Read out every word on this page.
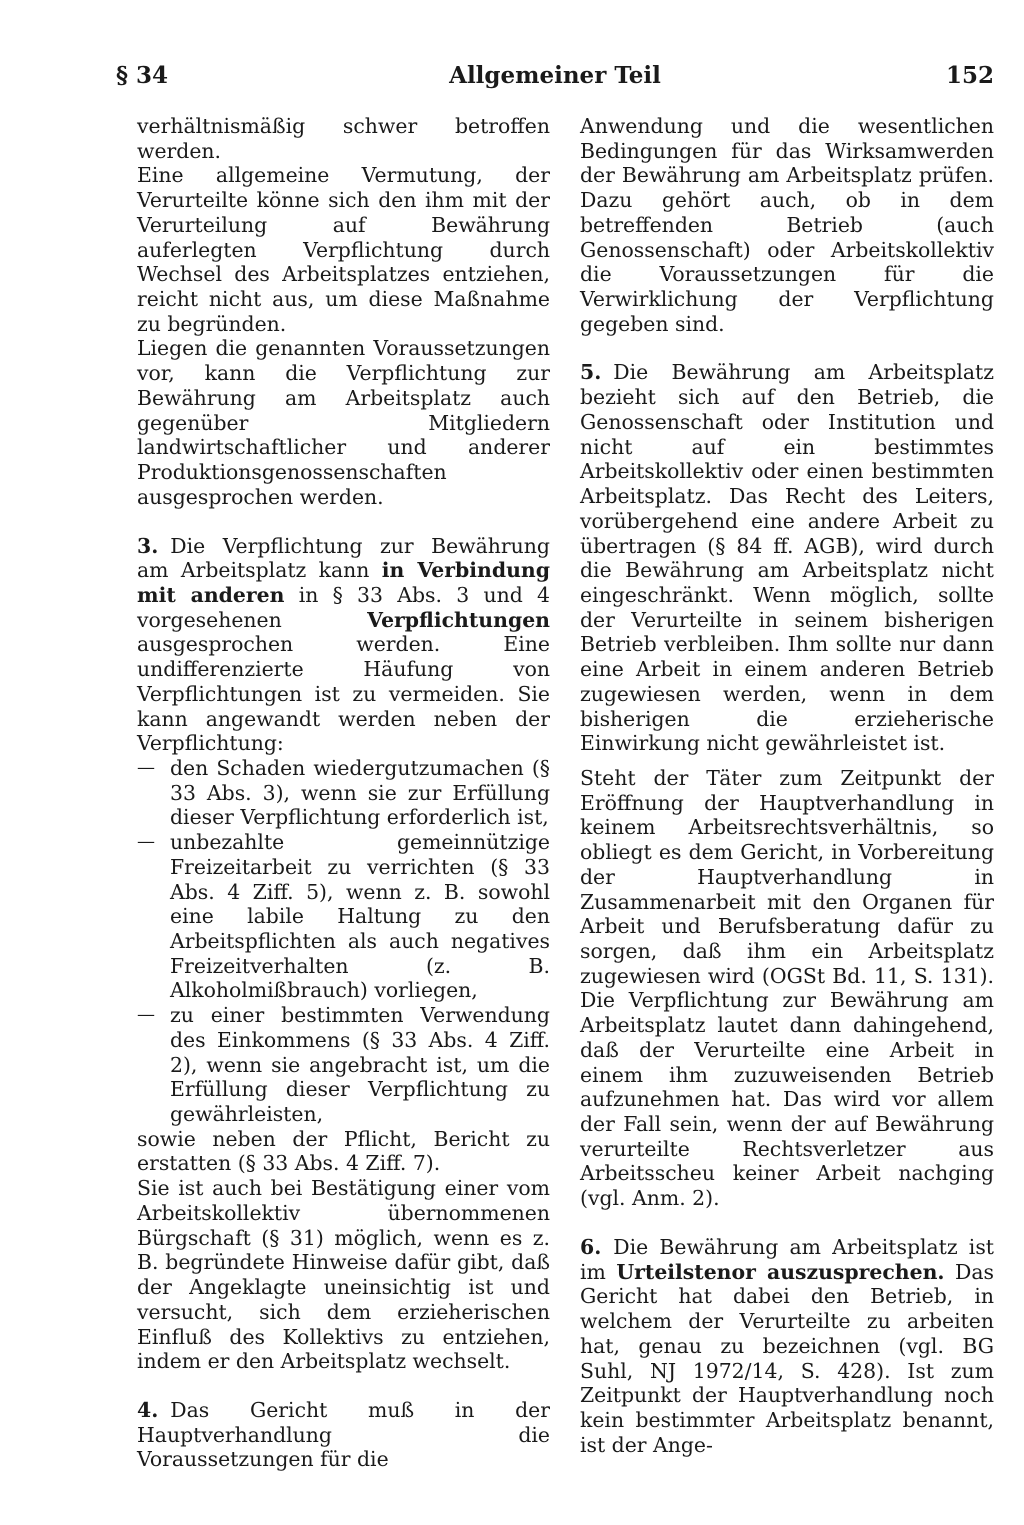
§ 34	Allgemeiner Teil	152

verhältnismäßig schwer betroffen werden.

Eine allgemeine Vermutung, der Verurteilte könne sich den ihm mit der Verurteilung auf Bewährung auferlegten Verpflichtung durch Wechsel des Arbeitsplatzes entziehen, reicht nicht aus, um diese Maßnahme zu begründen.

Liegen die genannten Voraussetzungen vor, kann die Verpflichtung zur Bewährung am Arbeitsplatz auch gegenüber Mitgliedern landwirtschaftlicher und anderer Produktionsgenossenschaften ausgesprochen werden.

3. Die Verpflichtung zur Bewährung am Arbeitsplatz kann in Verbindung mit anderen in § 33 Abs. 3 und 4 vorgesehenen	Verpflichtungen ausgesprochen werden. Eine undifferenzierte Häufung von Verpflichtungen ist zu vermeiden. Sie kann angewandt werden neben der Verpflichtung:

— den Schaden wiedergutzumachen (§ 33 Abs. 3), wenn sie zur Erfüllung dieser Verpflichtung erforderlich ist,
— unbezahlte gemeinnützige Freizeitarbeit zu verrichten (§ 33 Abs. 4 Ziff. 5), wenn z. B. sowohl eine labile Haltung zu den Arbeitspflichten als auch negatives Freizeitverhalten (z. B. Alkoholmißbrauch) vorliegen,
— zu einer bestimmten Verwendung des Einkommens (§ 33 Abs. 4 Ziff. 2), wenn sie angebracht ist, um die Erfüllung dieser Verpflichtung zu gewährleisten,

sowie neben der Pflicht, Bericht zu erstatten (§ 33 Abs. 4 Ziff. 7).

Sie ist auch bei Bestätigung einer vom Arbeitskollektiv übernommenen Bürgschaft (§ 31) möglich, wenn es z. B. begründete Hinweise dafür gibt, daß der Angeklagte uneinsichtig ist und versucht, sich dem erzieherischen Einfluß des Kollektivs zu entziehen, indem er den Arbeitsplatz wechselt.

4. Das Gericht muß in der Hauptverhandlung die Voraussetzungen für die

Anwendung und die wesentlichen Bedingungen für das Wirksamwerden der Bewährung am Arbeitsplatz prüfen. Dazu gehört auch, ob in dem betreffenden Betrieb (auch Genossenschaft) oder Arbeitskollektiv die Voraussetzungen für die Verwirklichung der Verpflichtung gegeben sind.

5. Die Bewährung am Arbeitsplatz bezieht sich auf den Betrieb, die Genossenschaft oder Institution und nicht auf ein bestimmtes Arbeitskollektiv oder einen bestimmten Arbeitsplatz. Das Recht des Leiters, vorübergehend eine andere Arbeit zu übertragen (§ 84 ff. AGB), wird durch die Bewährung am Arbeitsplatz nicht eingeschränkt. Wenn möglich, sollte der Verurteilte in seinem bisherigen Betrieb verbleiben. Ihm sollte nur dann eine Arbeit in einem anderen Betrieb zugewiesen werden, wenn in dem bisherigen die erzieherische Einwirkung nicht gewährleistet ist.

Steht der Täter zum Zeitpunkt der Eröffnung der Hauptverhandlung in keinem Arbeitsrechtsverhältnis, so obliegt es dem Gericht, in Vorbereitung der Hauptverhandlung in Zusammenarbeit mit den Organen für Arbeit und Berufsberatung dafür zu sorgen, daß ihm ein Arbeitsplatz zugewiesen wird (OGSt Bd. 11, S. 131). Die Verpflichtung zur Bewährung am Arbeitsplatz lautet dann dahingehend, daß der Verurteilte eine Arbeit in einem ihm zuzuweisenden Betrieb aufzunehmen hat. Das wird vor allem der Fall sein, wenn der auf Bewährung verurteilte Rechtsverletzer aus Arbeitsscheu keiner Arbeit nachging (vgl. Anm. 2).

6. Die Bewährung am Arbeitsplatz ist im Urteilstenor auszusprechen. Das Gericht hat dabei den Betrieb, in welchem der Verurteilte zu arbeiten hat, genau zu bezeichnen (vgl. BG Suhl, NJ 1972/14, S. 428). Ist zum Zeitpunkt der Hauptverhandlung noch kein bestimmter Arbeitsplatz benannt, ist der Ange-
